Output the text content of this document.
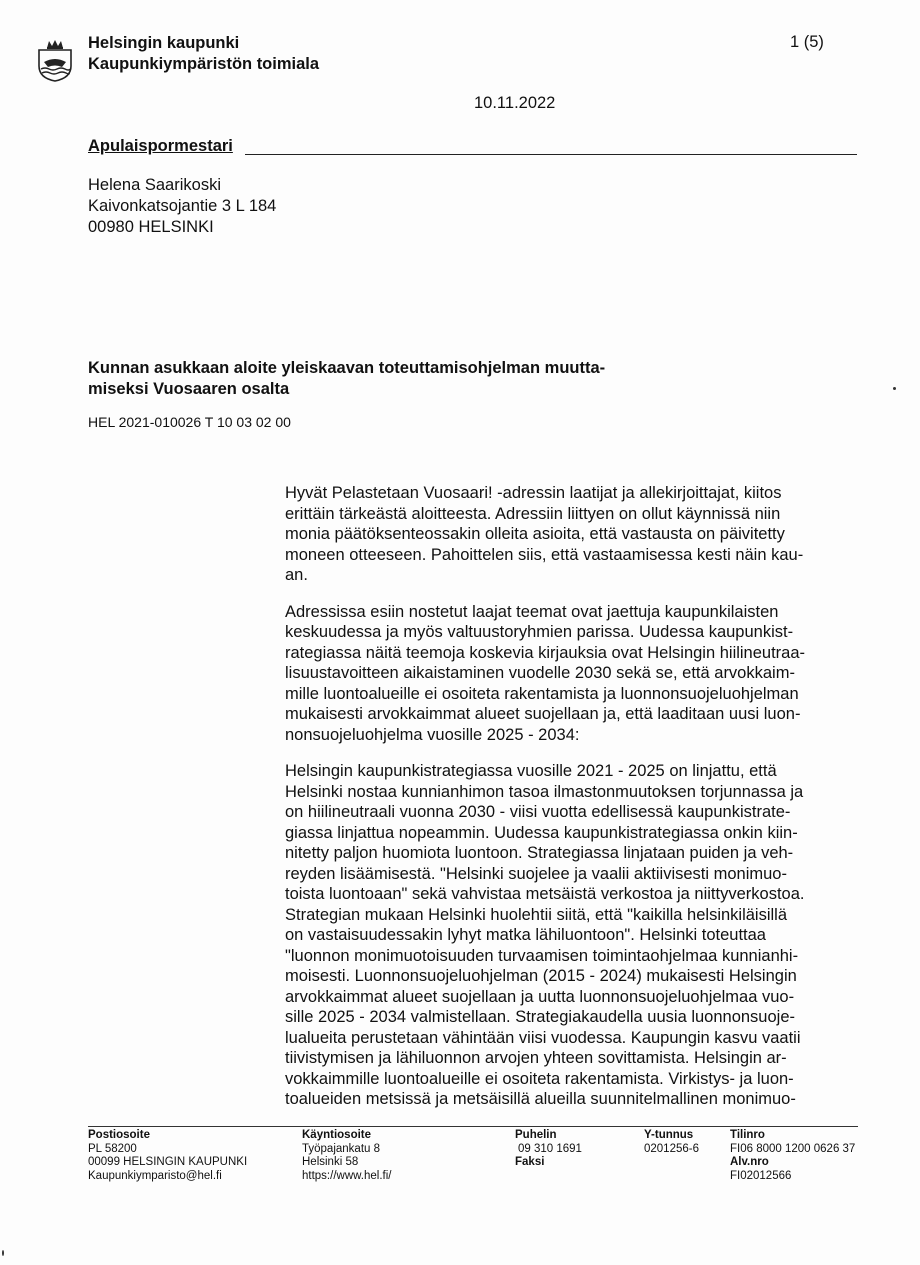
Helsingin kaupunki
Kaupunkiympäristön toimiala
1 (5)
10.11.2022
Apulaispormestari
Helena Saarikoski
Kaivonkatsojantie 3 L 184
00980 HELSINKI
Kunnan asukkaan aloite yleiskaavan toteuttamisohjelman muutta-
miseksi Vuosaaren osalta
HEL 2021-010026 T 10 03 02 00

Hyvät Pelastetaan Vuosaari! -adressin laatijat ja allekirjoittajat, kiitos
erittäin tärkeästä aloitteesta. Adressiin liittyen on ollut käynnissä niin
monia päätöksenteossakin olleita asioita, että vastausta on päivitetty
moneen otteeseen. Pahoittelen siis, että vastaamisessa kesti näin kau-
an.

Adressissa esiin nostetut laajat teemat ovat jaettuja kaupunkilaisten
keskuudessa ja myös valtuustoryhmien parissa. Uudessa kaupunkist-
rategiassa näitä teemoja koskevia kirjauksia ovat Helsingin hiilineutraa-
lisuustavoitteen aikaistaminen vuodelle 2030 sekä se, että arvokkaim-
mille luontoalueille ei osoiteta rakentamista ja luonnonsuojeluohjelman
mukaisesti arvokkaimmat alueet suojellaan ja, että laaditaan uusi luon-
nonsuojeluohjelma vuosille 2025 - 2034:

Helsingin kaupunkistrategiassa vuosille 2021 - 2025 on linjattu, että
Helsinki nostaa kunnianhimon tasoa ilmastonmuutoksen torjunnassa ja
on hiilineutraali vuonna 2030 - viisi vuotta edellisessä kaupunkistrate-
giassa linjattua nopeammin. Uudessa kaupunkistrategiassa onkin kiin-
nitetty paljon huomiota luontoon. Strategiassa linjataan puiden ja veh-
reyden lisäämisestä. "Helsinki suojelee ja vaalii aktiivisesti monimuo-
toista luontoaan" sekä vahvistaa metsäistä verkostoa ja niittyverkostoa.
Strategian mukaan Helsinki huolehtii siitä, että "kaikilla helsinkiläisillä
on vastaisuudessakin lyhyt matka lähiluontoon". Helsinki toteuttaa
"luonnon monimuotoisuuden turvaamisen toimintaohjelmaa kunnianhi-
moisesti. Luonnonsuojeluohjelman (2015 - 2024) mukaisesti Helsingin
arvokkaimmat alueet suojellaan ja uutta luonnonsuojeluohjelmaa vuo-
sille 2025 - 2034 valmistellaan. Strategiakaudella uusia luonnonsuoje-
lualueita perustetaan vähintään viisi vuodessa. Kaupungin kasvu vaatii
tiivistymisen ja lähiluonnon arvojen yhteen sovittamista. Helsingin ar-
vokkaimmille luontoalueille ei osoiteta rakentamista. Virkistys- ja luon-
toalueiden metsissä ja metsäisillä alueilla suunnitelmallinen monimuo-

Postiosoite
PL 58200
00099 HELSINGIN KAUPUNKI
Kaupunkiymparisto@hel.fi
Käyntiosoite
Työpajankatu 8
Helsinki 58
https://www.hel.fi/
Puhelin
09 310 1691
Faksi
Y-tunnus
0201256-6
Tilinro
FI06 8000 1200 0626 37
Alv.nro
FI02012566
